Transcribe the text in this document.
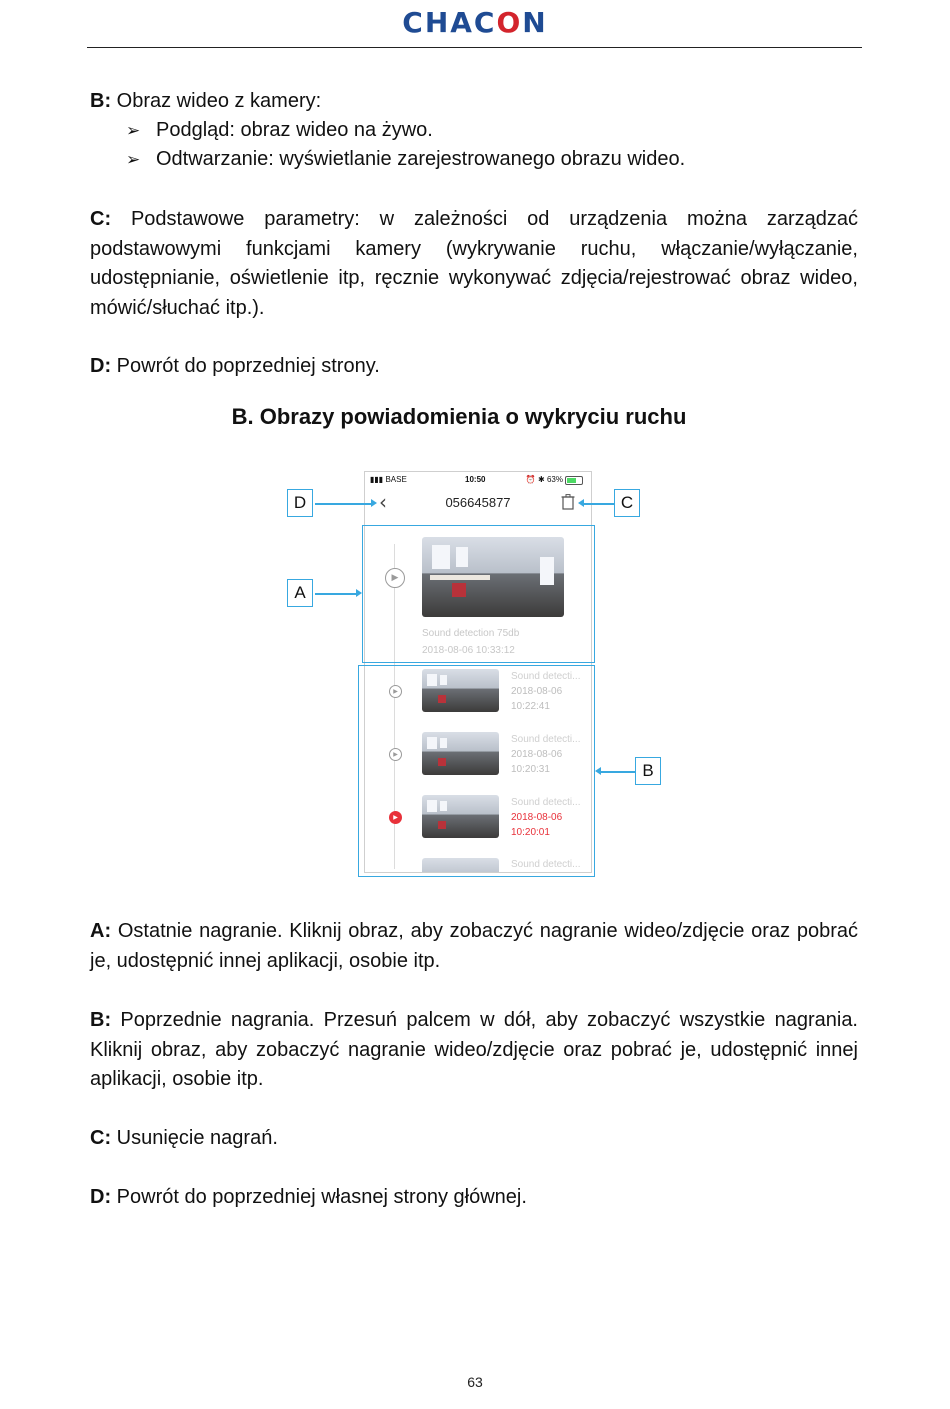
CHACON

B: Obraz wideo z kamery:

➢ Podgląd: obraz wideo na żywo.
➢ Odtwarzanie: wyświetlanie zarejestrowanego obrazu wideo.

C: Podstawowe parametry: w zależności od urządzenia można zarządzać podstawowymi funkcjami kamery (wykrywanie ruchu, włączanie/wyłączanie, udostępnianie, oświetlenie itp, ręcznie wykonywać zdjęcia/rejestrować obraz wideo, mówić/słuchać itp.).

D: Powrót do poprzedniej strony.

B. Obrazy powiadomienia o wykryciu ruchu
▮▮▮ BASE	10:50	⏰ ✱ 63%
‹	056645877
▶
Sound detection 75db
2018-08-06 10:33:12
▶
Sound detecti...
2018-08-06
10:22:41
▶
Sound detecti...
2018-08-06
10:20:31
▶
Sound detecti...
2018-08-06
10:20:01
Sound detecti...
D	C
A
B

A: Ostatnie nagranie. Kliknij obraz, aby zobaczyć nagranie wideo/zdjęcie oraz pobrać je, udostępnić innej aplikacji, osobie itp.

B: Poprzednie nagrania. Przesuń palcem w dół, aby zobaczyć wszystkie nagrania. Kliknij obraz, aby zobaczyć nagranie wideo/zdjęcie oraz pobrać je, udostępnić innej aplikacji, osobie itp.

C: Usunięcie nagrań.

D: Powrót do poprzedniej własnej strony głównej.

63
